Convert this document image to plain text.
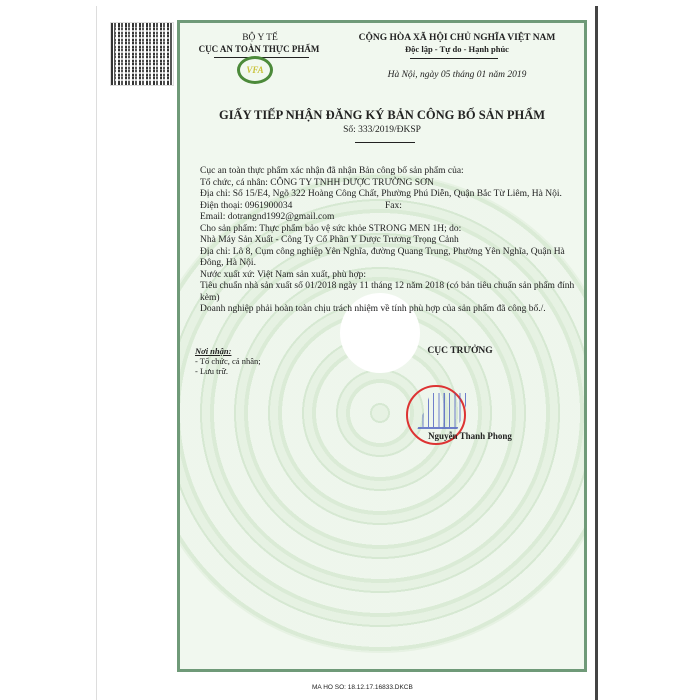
BỘ Y TẾ
CỤC AN TOÀN THỰC PHẨM
VFA
CỘNG HÒA XÃ HỘI CHỦ NGHĨA VIỆT NAM
Độc lập - Tự do - Hạnh phúc
Hà Nội, ngày 05 tháng 01 năm 2019
GIẤY TIẾP NHẬN ĐĂNG KÝ BẢN CÔNG BỐ SẢN PHẨM
Số: 333/2019/ĐKSP

Cục an toàn thực phẩm xác nhận đã nhận Bản công bố sản phẩm của:

Tổ chức, cá nhân: CÔNG TY TNHH DƯỢC TRƯỜNG SƠN

Địa chỉ: Số 15/E4, Ngõ 322 Hoàng Công Chất, Phường Phú Diễn, Quận Bắc Từ Liêm, Hà Nội.

Điện thoại: 0961900034	Fax:

Email: dotrangnd1992@gmail.com

Cho sản phẩm: Thực phẩm bảo vệ sức khỏe STRONG MEN 1H; do:

Nhà Máy Sản Xuất - Công Ty Cổ Phần Y Dược Trương Trọng Cảnh

Địa chỉ: Lô 8, Cụm công nghiệp Yên Nghĩa, đường Quang Trung, Phường Yên Nghĩa, Quận Hà Đông, Hà Nội.

Nước xuất xứ: Việt Nam sản xuất, phù hợp:

Tiêu chuẩn nhà sản xuất số 01/2018 ngày 11 tháng 12 năm 2018 (có bản tiêu chuẩn sản phẩm đính kèm)

Doanh nghiệp phải hoàn toàn chịu trách nhiệm về tính phù hợp của sản phẩm đã công bố./.

Nơi nhận:
- Tổ chức, cá nhân;
- Lưu trữ.
CỤC TRƯỞNG
Nguyễn Thanh Phong
MA HO SO: 18.12.17.16833.DKCB
